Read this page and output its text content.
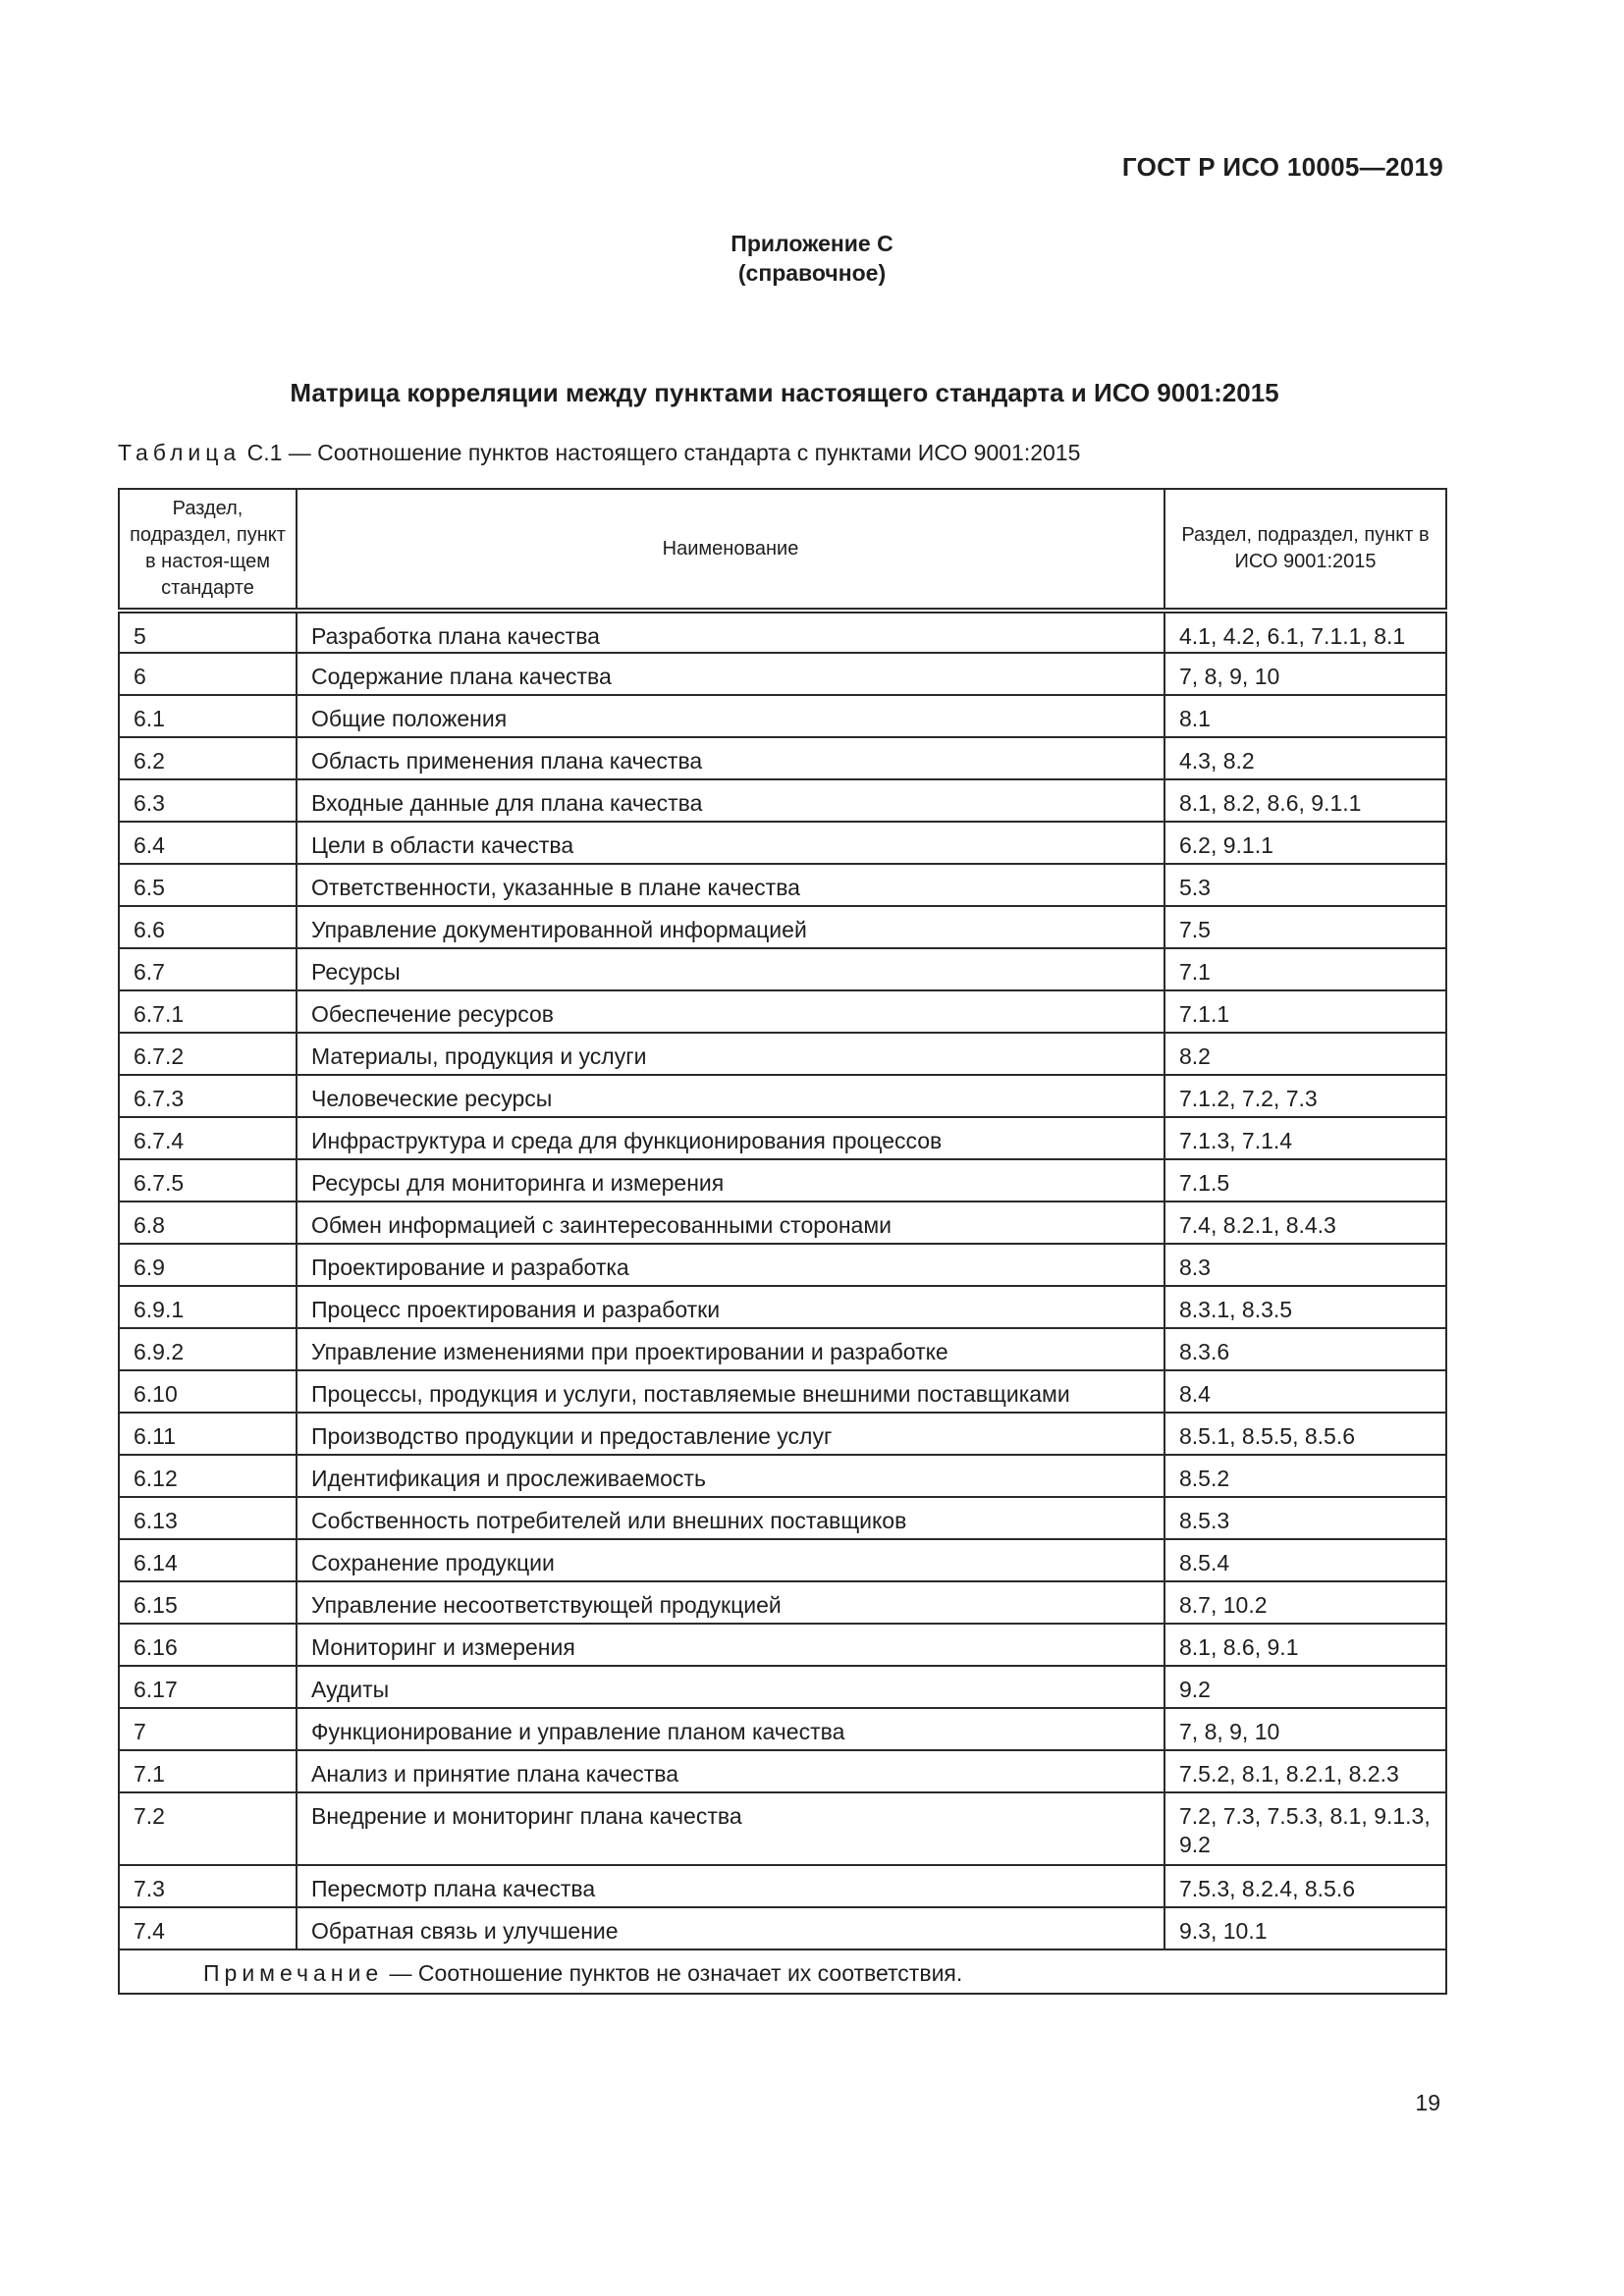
ГОСТ Р ИСО 10005—2019
Приложение С
(справочное)
Матрица корреляции между пунктами настоящего стандарта и ИСО 9001:2015
Таблица С.1 — Соотношение пунктов настоящего стандарта с пунктами ИСО 9001:2015
Раздел, подраздел, пункт в настоя-щем стандарте	Наименование	Раздел, подраздел, пункт в ИСО 9001:2015
5	Разработка плана качества	4.1, 4.2, 6.1, 7.1.1, 8.1
6	Содержание плана качества	7, 8, 9, 10
6.1	Общие положения	8.1
6.2	Область применения плана качества	4.3, 8.2
6.3	Входные данные для плана качества	8.1, 8.2, 8.6, 9.1.1
6.4	Цели в области качества	6.2, 9.1.1
6.5	Ответственности, указанные в плане качества	5.3
6.6	Управление документированной информацией	7.5
6.7	Ресурсы	7.1
6.7.1	Обеспечение ресурсов	7.1.1
6.7.2	Материалы, продукция и услуги	8.2
6.7.3	Человеческие ресурсы	7.1.2, 7.2, 7.3
6.7.4	Инфраструктура и среда для функционирования процессов	7.1.3, 7.1.4
6.7.5	Ресурсы для мониторинга и измерения	7.1.5
6.8	Обмен информацией с заинтересованными сторонами	7.4, 8.2.1, 8.4.3
6.9	Проектирование и разработка	8.3
6.9.1	Процесс проектирования и разработки	8.3.1, 8.3.5
6.9.2	Управление изменениями при проектировании и разработке	8.3.6
6.10	Процессы, продукция и услуги, поставляемые внешними поставщиками	8.4
6.11	Производство продукции и предоставление услуг	8.5.1, 8.5.5, 8.5.6
6.12	Идентификация и прослеживаемость	8.5.2
6.13	Собственность потребителей или внешних поставщиков	8.5.3
6.14	Сохранение продукции	8.5.4
6.15	Управление несоответствующей продукцией	8.7, 10.2
6.16	Мониторинг и измерения	8.1, 8.6, 9.1
6.17	Аудиты	9.2
7	Функционирование и управление планом качества	7, 8, 9, 10
7.1	Анализ и принятие плана качества	7.5.2, 8.1, 8.2.1, 8.2.3
7.2	Внедрение и мониторинг плана качества	7.2, 7.3, 7.5.3, 8.1, 9.1.3, 9.2
7.3	Пересмотр плана качества	7.5.3, 8.2.4, 8.5.6
7.4	Обратная связь и улучшение	9.3, 10.1
Примечание — Соотношение пунктов не означает их соответствия.		
19
